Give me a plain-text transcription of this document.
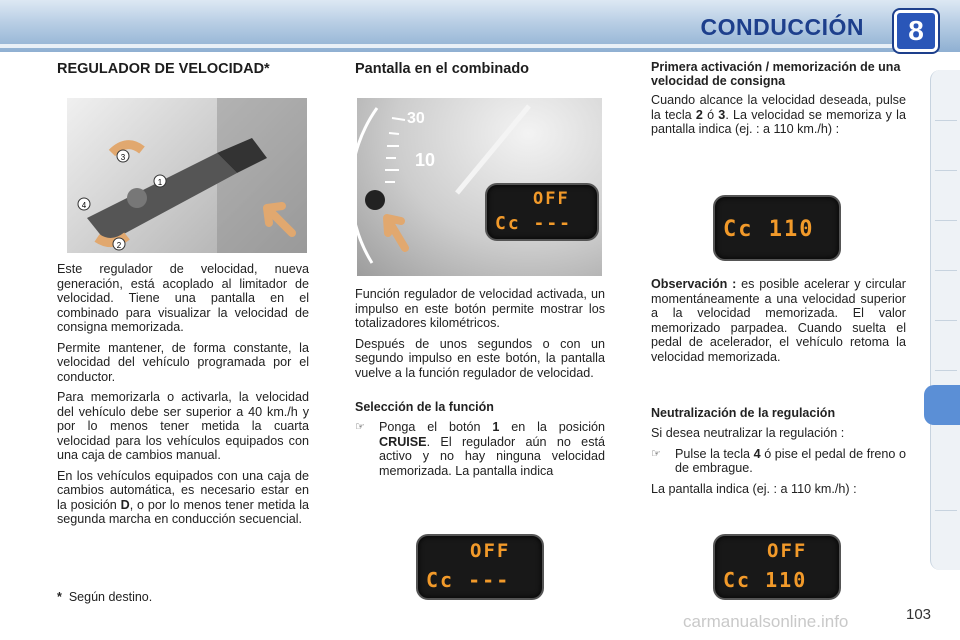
CONDUCCIÓN	8
REGULADOR DE VELOCIDAD*
3
1
4
2

Este regulador de velocidad, nueva generación, está acoplado al limitador de velocidad. Tiene una pantalla en el combinado para visualizar la velocidad de consigna memorizada.

Permite mantener, de forma constante, la velocidad del vehículo programada por el conductor.

Para memorizarla o activarla, la velocidad del vehículo debe ser superior a 40 km./h y por lo menos tener metida la cuarta velocidad para los vehículos equipados con una caja de cambios manual.

En los vehículos equipados con una caja de cambios automática, es necesario estar en la posición D, o por lo menos tener metida la segunda marcha en conducción secuencial.

* Según destino.
Pantalla en el combinado
30
10
OFF
Cc ---

Función regulador de velocidad activada, un impulso en este botón permite mostrar los totalizadores kilométricos.

Después de unos segundos o con un segundo impulso en este botón, la pantalla vuelve a la función regulador de velocidad.

Selección de la función
☞	Ponga el botón 1 en la posición CRUISE. El regulador aún no está activo y no hay ninguna velocidad memorizada. La pantalla indica
OFF
Cc ---
Primera activación / memorización de una velocidad de consigna

Cuando alcance la velocidad deseada, pulse la tecla 2 ó 3. La velocidad se memoriza y la pantalla indica (ej. : a 110 km./h) :

Cc 110

Observación : es posible acelerar y circular momentáneamente a una velocidad superior a la velocidad memorizada. El valor memorizado parpadea. Cuando suelta el pedal de acelerador, el vehículo retoma la velocidad memorizada.

Neutralización de la regulación

Si desea neutralizar la regulación :

☞	Pulse la tecla 4 ó pise el pedal de freno o de embrague.

La pantalla indica (ej. : a 110 km./h) :

OFF
Cc 110
carmanualsonline.info	103
